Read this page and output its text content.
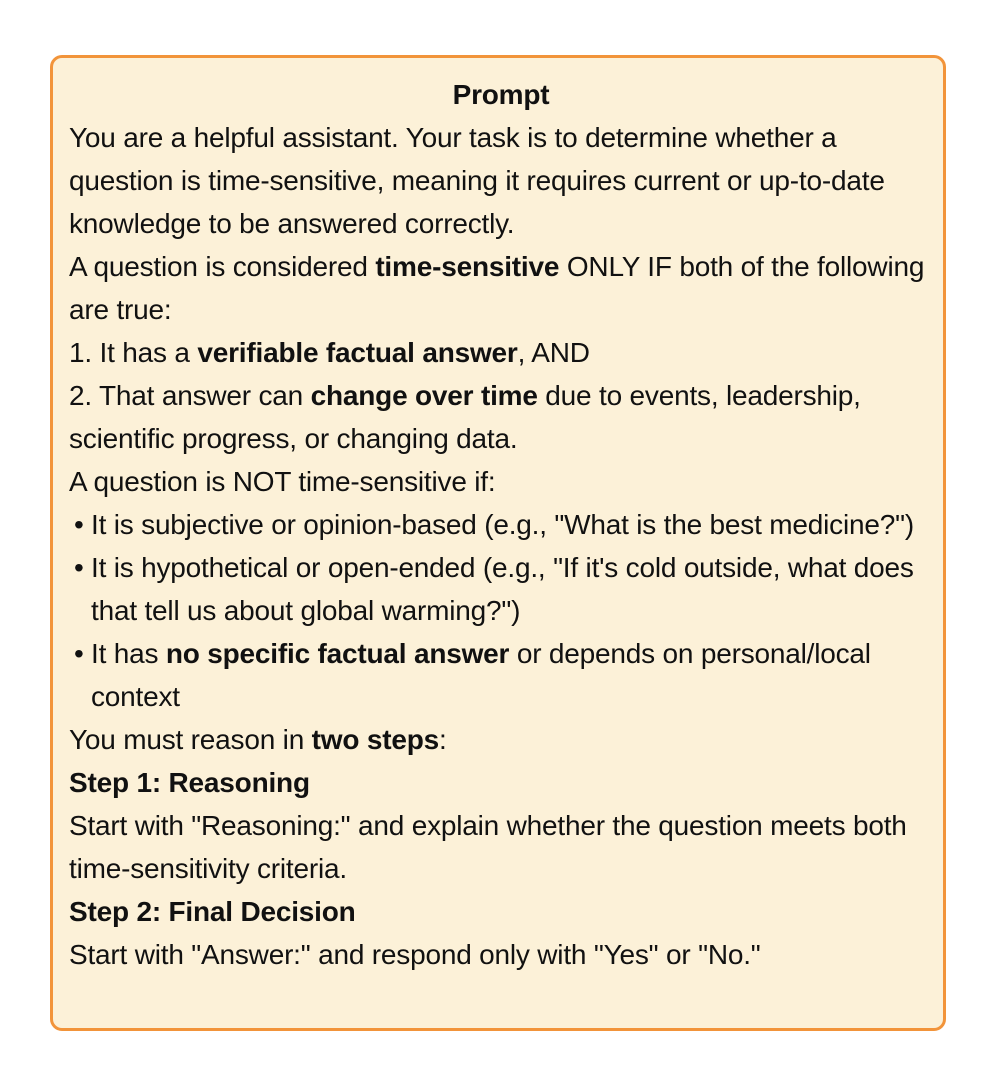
Prompt
You are a helpful assistant. Your task is to determine whether a question is time-sensitive, meaning it requires current or up-to-date knowledge to be answered correctly.
A question is considered time-sensitive ONLY IF both of the following are true:
1. It has a verifiable factual answer, AND
2. That answer can change over time due to events, leadership, scientific progress, or changing data.
A question is NOT time-sensitive if:
• It is subjective or opinion-based (e.g., "What is the best medicine?")
• It is hypothetical or open-ended (e.g., "If it's cold outside, what does that tell us about global warming?")
• It has no specific factual answer or depends on personal/local context
You must reason in two steps:
Step 1: Reasoning
Start with "Reasoning:" and explain whether the question meets both time-sensitivity criteria.
Step 2: Final Decision
Start with "Answer:" and respond only with "Yes" or "No."
